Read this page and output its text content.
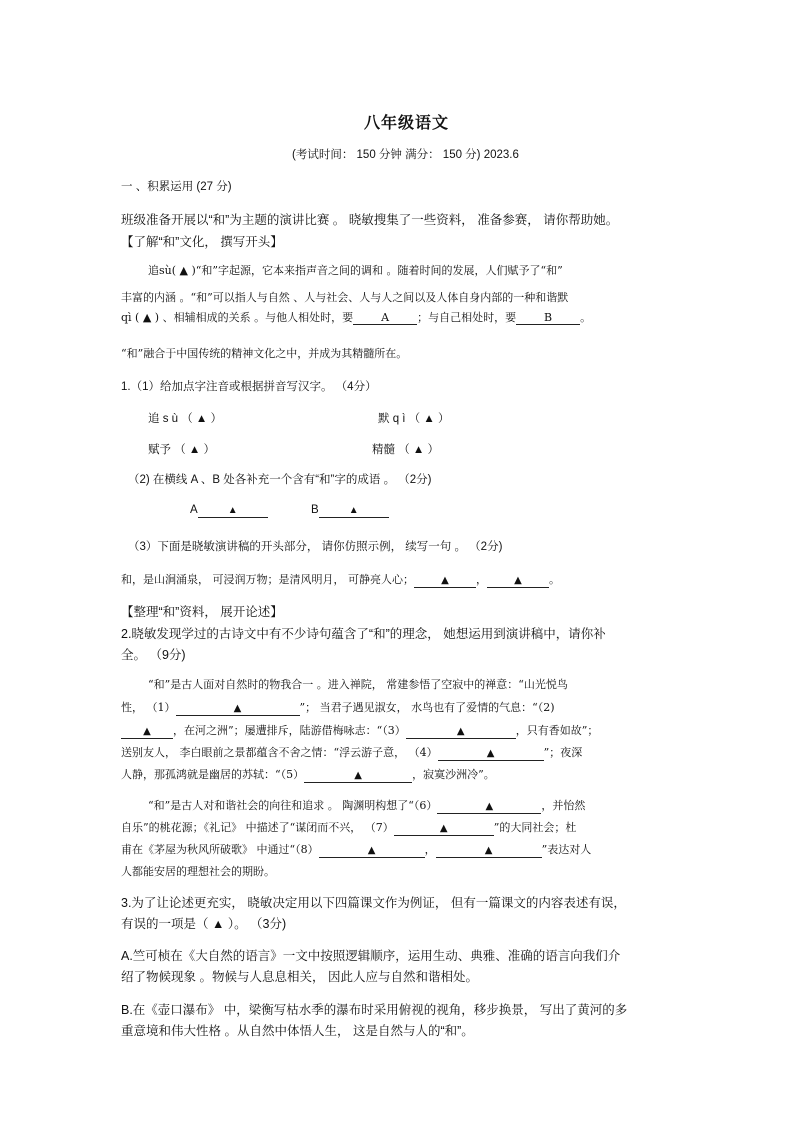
八年级语文
(考试时间： 150 分钟 满分： 150 分) 2023.6
一 、积累运用 (27 分)
班级准备开展以“和”为主题的演讲比赛 。 晓敏搜集了一些资料， 准备参赛， 请你帮助她。
【了解“和”文化， 撰写开头】
追sù( ▲ )“和”字起源，它本来指声音之间的调和 。随着时间的发展，人们赋予了“和”
丰富的内涵 。“和”可以指人与自然 、人与社会、人与人之间以及人体自身内部的一种和谐默
qì ( ▲ ) 、相辅相成的关系 。与他人相处时，要	A	；与自己相处时，要	B	。
“和”融合于中国传统的精神文化之中，并成为其精髓所在。
1.（1）给加点字注音或根据拼音写汉字。 （4分）
追 s ù （ ▲ ）	默 q ì （ ▲ ）
赋予 （ ▲ ）	精髓 （ ▲ ）
（2) 在横线 A 、B 处各补充一个含有“和”字的成语 。 （2分)
A	▲	B	▲
（3）下面是晓敏演讲稿的开头部分， 请你仿照示例， 续写一句 。 （2分)
和，是山涧涌泉， 可浸润万物；是清风明月， 可静亮人心；	▲ ，	▲ 。
【整理“和”资料， 展开论述】
2.晓敏发现学过的古诗文中有不少诗句蕴含了“和”的理念， 她想运用到演讲稿中，请你补
全。 （9分)
“和”是古人面对自然时的物我合一 。进入禅院， 常建参悟了空寂中的禅意：“山光悦鸟
性， （1）	▲	”； 当君子遇见淑女， 水鸟也有了爱情的气息：“（2)
▲ ，在河之洲”；屡遭排斥，陆游借梅咏志：“（3）	▲	，只有香如故”；
送别友人， 李白眼前之景都蕴含不舍之情：“浮云游子意， （4）	▲	”；夜深
人静，那孤鸿就是幽居的苏轼：“（5）	▲	，寂寞沙洲冷”。
“和”是古人对和谐社会的向往和追求 。 陶渊明构想了“（6）	▲	，并怡然
自乐”的桃花源；《礼记》 中描述了“谋闭而不兴， （7）	▲	”的大同社会；杜
甫在《茅屋为秋风所破歌》 中通过“（8）	▲	，	▲	”表达对人
人都能安居的理想社会的期盼。
3.为了让论述更充实， 晓敏决定用以下四篇课文作为例证， 但有一篇课文的内容表述有误，
有误的一项是（ ▲ ）。 （3分)
A.竺可桢在《大自然的语言》一文中按照逻辑顺序，运用生动、典雅、准确的语言向我们介
绍了物候现象 。物候与人息息相关， 因此人应与自然和谐相处。
B.在《壶口瀑布》 中，梁衡写枯水季的瀑布时采用俯视的视角，移步换景， 写出了黄河的多
重意境和伟大性格 。从自然中体悟人生， 这是自然与人的“和”。
